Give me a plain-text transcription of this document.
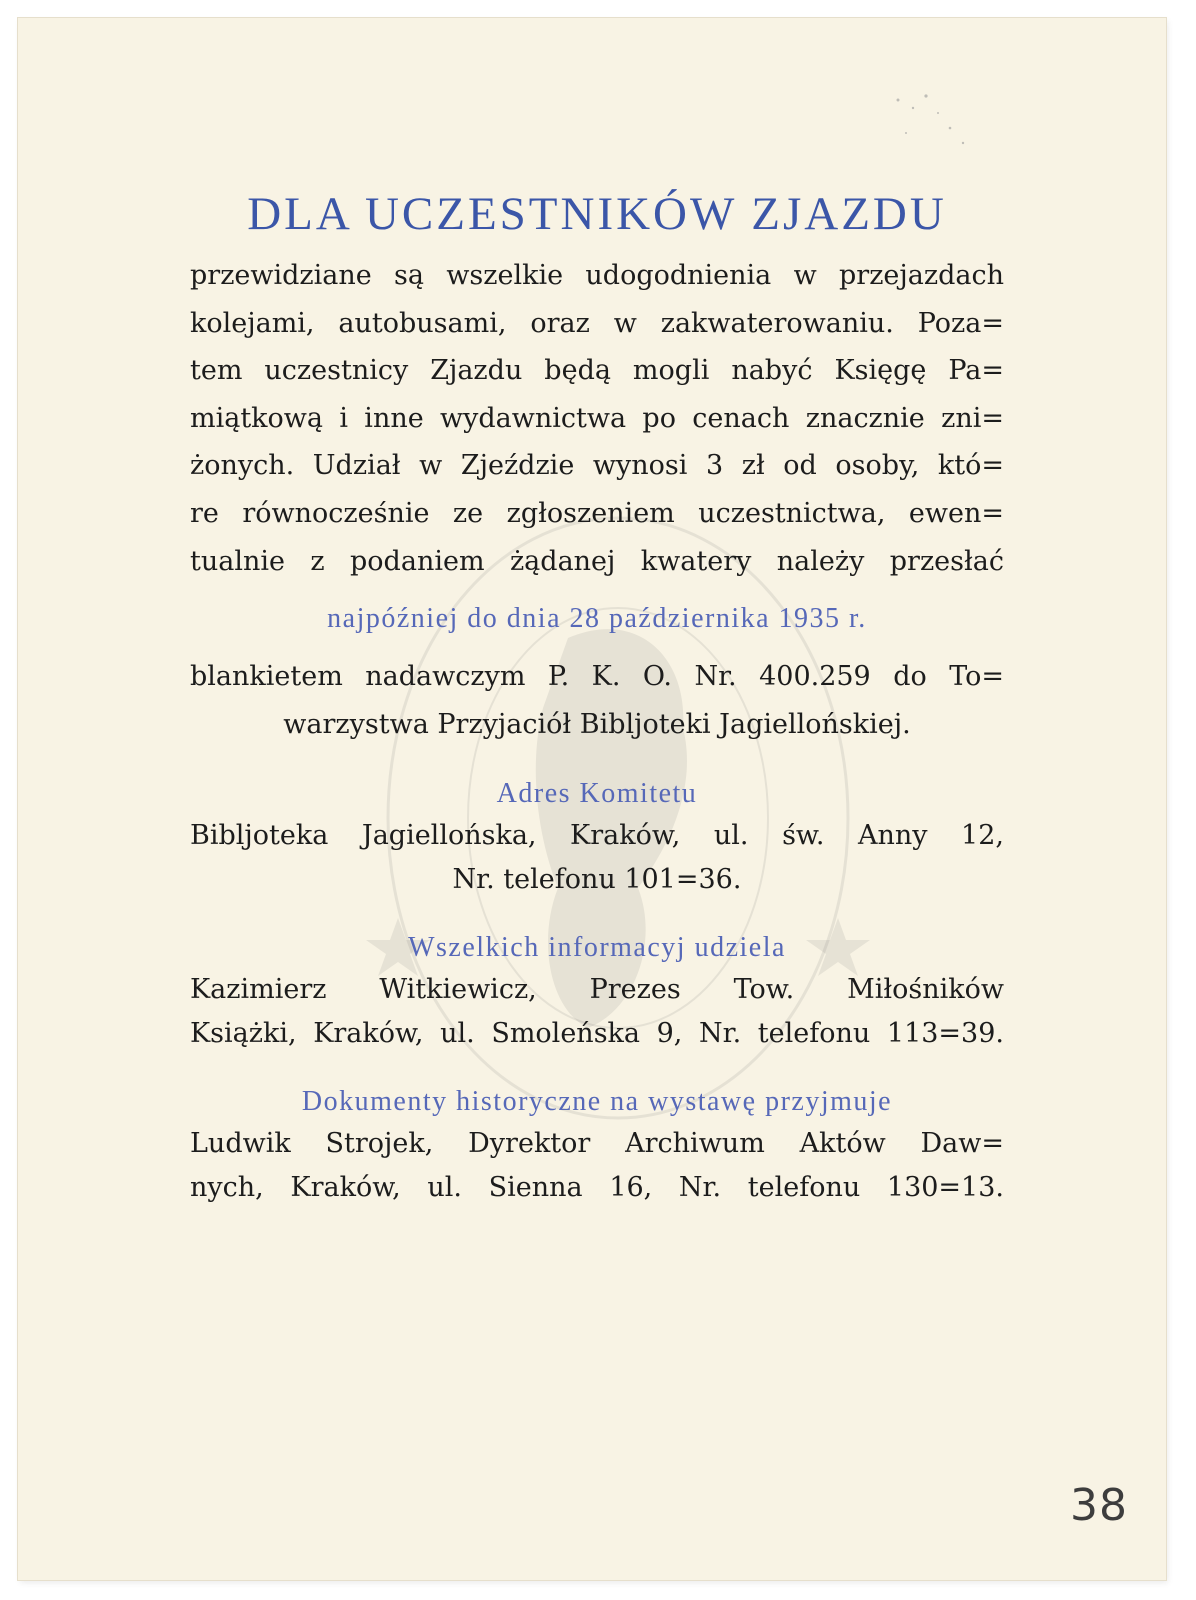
DLA UCZESTNIKÓW ZJAZDU

przewidziane są wszelkie udogodnienia w przejazdach
kolejami, autobusami, oraz w zakwaterowaniu. Poza=
tem uczestnicy Zjazdu będą mogli nabyć Księgę Pa=
miątkową i inne wydawnictwa po cenach znacznie zni=
żonych. Udział w Zjeździe wynosi 3 zł od osoby, któ=
re równocześnie ze zgłoszeniem uczestnictwa, ewen=
tualnie z podaniem żądanej kwatery należy przesłać

najpóźniej do dnia 28 października 1935 r.

blankietem nadawczym P. K. O. Nr. 400.259 do To=
warzystwa Przyjaciół Bibljoteki Jagiellońskiej.

Adres Komitetu

Bibljoteka Jagiellońska, Kraków, ul. św. Anny 12,
Nr. telefonu 101=36.

Wszelkich informacyj udziela

Kazimierz Witkiewicz, Prezes Tow. Miłośników
Książki, Kraków, ul. Smoleńska 9, Nr. telefonu 113=39.

Dokumenty historyczne na wystawę przyjmuje

Ludwik Strojek, Dyrektor Archiwum Aktów Daw=
nych, Kraków, ul. Sienna 16, Nr. telefonu 130=13.
38
